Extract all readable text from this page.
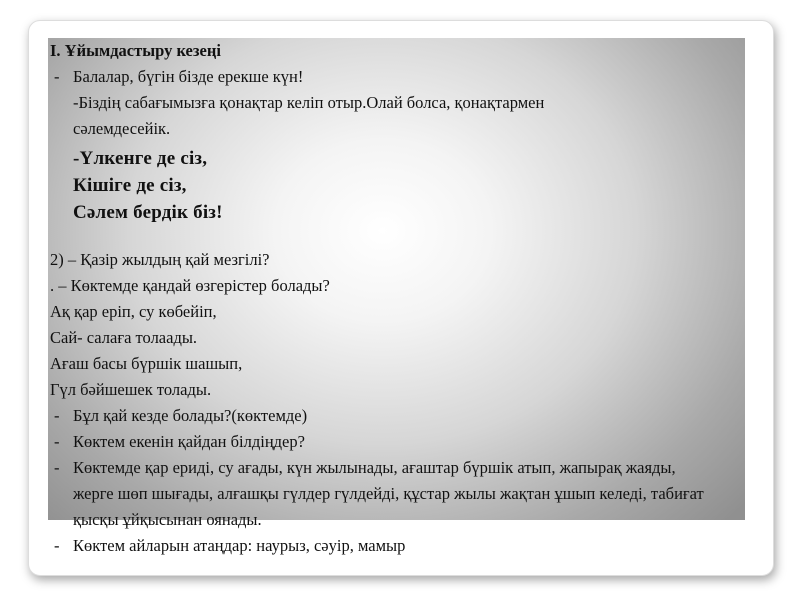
I. Ұйымдастыру кезеңі
- Балалар, бүгін бізде ерекше күн!
-Біздің сабағымызға қонақтар келіп отыр.Олай болса, қонақтармен
сәлемдесейік.
-Үлкенге де сіз,
Кішіге де сіз,
Сәлем бердік біз!
2) – Қазір жылдың қай мезгілі?
. – Көктемде қандай өзгерістер болады?
Ақ қар еріп, су көбейіп,
Сай- салаға толаады.
Ағаш басы бүршік шашып,
Гүл бәйшешек толады.
- Бұл қай кезде болады?(көктемде)
- Көктем екенін қайдан білдіңдер?
- Көктемде қар ериді, су ағады, күн жылынады, ағаштар бүршік атып, жапырақ жаяды, жерге шөп шығады, алғашқы гүлдер гүлдейді, құстар жылы жақтан ұшып келеді, табиғат қысқы ұйқысынан оянады.
- Көктем айларын атаңдар: наурыз, сәуір, мамыр
